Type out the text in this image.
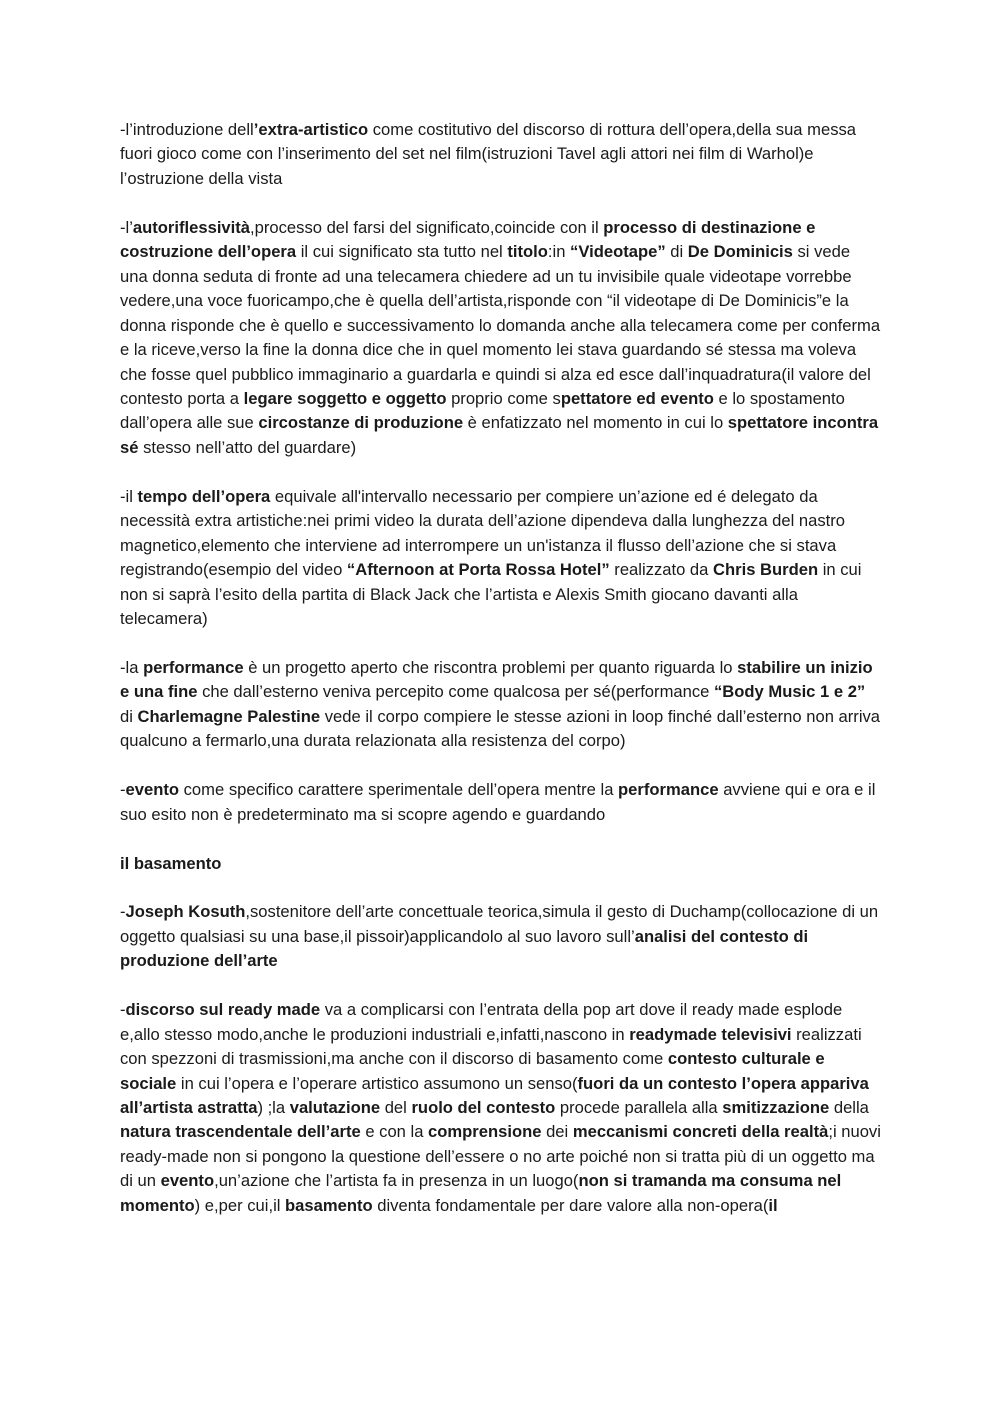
-l’introduzione dell’extra-artistico come costitutivo del discorso di rottura dell’opera,della sua messa fuori gioco come con l’inserimento del set nel film(istruzioni Tavel agli attori nei film di Warhol)e l’ostruzione della vista

-l’autoriflessività,processo del farsi del significato,coincide con il processo di destinazione e costruzione dell’opera il cui significato sta tutto nel titolo:in “Videotape” di De Dominicis si vede una donna seduta di fronte ad una telecamera chiedere ad un tu invisibile quale videotape vorrebbe vedere,una voce fuoricampo,che è quella dell’artista,risponde con “il videotape di De Dominicis”e la donna risponde che è quello e successivamento lo domanda anche alla telecamera come per conferma e la riceve,verso la fine la donna dice che in quel momento lei stava guardando sé stessa ma voleva che fosse quel pubblico immaginario a guardarla e quindi si alza ed esce dall’inquadratura(il valore del contesto porta a legare soggetto e oggetto proprio come spettatore ed evento e lo spostamento dall’opera alle sue circostanze di produzione è enfatizzato nel momento in cui lo spettatore incontra sé stesso nell’atto del guardare)

-il tempo dell’opera equivale all'intervallo necessario per compiere un’azione ed é delegato da necessità extra artistiche:nei primi video la durata dell’azione dipendeva dalla lunghezza del nastro magnetico,elemento che interviene ad interrompere un un'istanza il flusso dell’azione che si stava registrando(esempio del video “Afternoon at Porta Rossa Hotel” realizzato da Chris Burden in cui non si saprà l’esito della partita di Black Jack che l’artista e Alexis Smith giocano davanti alla telecamera)

-la performance è un progetto aperto che riscontra problemi per quanto riguarda lo stabilire un inizio e una fine che dall’esterno veniva percepito come qualcosa per sé(performance “Body Music 1 e 2” di Charlemagne Palestine vede il corpo compiere le stesse azioni in loop finché dall’esterno non arriva qualcuno a fermarlo,una durata relazionata alla resistenza del corpo)

-evento come specifico carattere sperimentale dell’opera mentre la performance avviene qui e ora e il suo esito non è predeterminato ma si scopre agendo e guardando

il basamento

-Joseph Kosuth,sostenitore dell’arte concettuale teorica,simula il gesto di Duchamp(collocazione di un oggetto qualsiasi su una base,il pissoir)applicandolo al suo lavoro sull’analisi del contesto di produzione dell’arte

-discorso sul ready made va a complicarsi con l’entrata della pop art dove il ready made esplode e,allo stesso modo,anche le produzioni industriali e,infatti,nascono in readymade televisivi realizzati con spezzoni di trasmissioni,ma anche con il discorso di basamento come contesto culturale e sociale in cui l’opera e l’operare artistico assumono un senso(fuori da un contesto l’opera appariva all’artista astratta) ;la valutazione del ruolo del contesto procede parallela alla smitizzazione della natura trascendentale dell’arte e con la comprensione dei meccanismi concreti della realtà;i nuovi ready-made non si pongono la questione dell’essere o no arte poiché non si tratta più di un oggetto ma di un evento,un’azione che l’artista fa in presenza in un luogo(non si tramanda ma consuma nel momento) e,per cui,il basamento diventa fondamentale per dare valore alla non-opera(il
